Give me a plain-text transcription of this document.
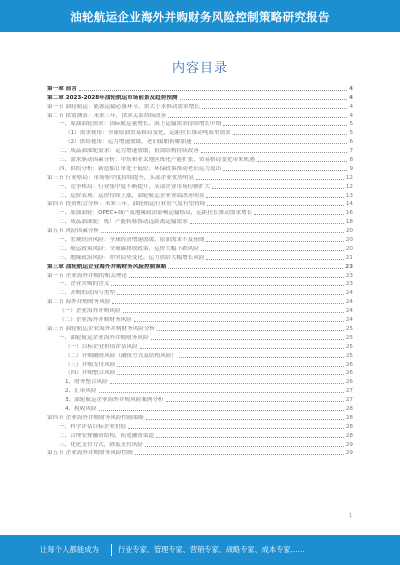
油轮航运企业海外并购财务风险控制策略研究报告
内容目录
第一章 前言	4
第二章 2023-2028年油轮航运市场前景及趋势预测	4
第一节 油轮航运：能源运输必备环节，供大于求推动需求增长	4
第二节 供需测算：未来三年，供求关系持续改善	4
一、原油油轮需求：国际航运量增长，海上运输需求持续增长中期	5
（1）需求视角：全球原油贸易格局变化，运距拉长推动吨海里需求	5
（2）供给视角：运力增速放缓，老旧船舶拆解加速	6
二、成品油油轮需求：运力增速放缓，供需结构持续改善	7
三、需求驱动因素分析：中东和亚太地区炼化产能扩张，贸易格局变化带来机遇	8
四、供给分析：新造船订单处于低位，环保政策推动老旧运力退出	9
第三节 行业格局：市场集中度持续提升，头部企业优势明显	12
一、竞争格局：行业集中度不断提升，头部企业市场份额扩大	12
二、运价表现：运价持续上涨，油轮航运企业业绩改善明显	13
第四节 投资机会分析：未来三年，油轮航运行业景气度有望持续	14
一、原油油轮：OPEC+减产及地缘政治影响运输格局，运距拉长推动需求增长	16
二、成品油油轮：炼厂产能转移推动远距离运输需求	18
第五节 风险因素分析	20
一、宏观经济风险：全球经济增速放缓，原油需求不及预期	20
二、航运政策风险：全球碳排放政策、运价大幅下跌风险	20
三、地缘政治风险：冲突局势变化、运力供给大幅增长风险	21
第三章 油轮航运企业海外并购财务风险控制策略	23
第一节 企业海外并购的相关理论	23
一、企业并购的含义	23
二、并购的动因与类型	24
第二节 海外并购财务风险	24
（一）企业海外并购风险	24
（二）企业海外并购财务风险	24
第三节 油轮航运企业海外并购财务风险分析	25
一、油轮航运企业海外并购财务风险	25
（一）目标企业价值评估风险	25
（二）并购融资风险（融资方式及结构风险）	25
（三）并购支付风险	26
（四）并购整合风险	26
1、财务整合风险	26
2、汇率风险	27
3、油轮航运企业海外并购风险案例分析	27
4、税收风险	28
第四节 企业海外并购财务风险控制策略	28
一、科学评估目标企业价值	28
二、合理安排融资结构，拓宽融资渠道	28
三、优化支付方式，降低支付风险	29
第五节 企业海外并购财务风险控制	29
1
让每个人都能成为	行业专家、管理专家、营销专家、战略专家、成本专家……
